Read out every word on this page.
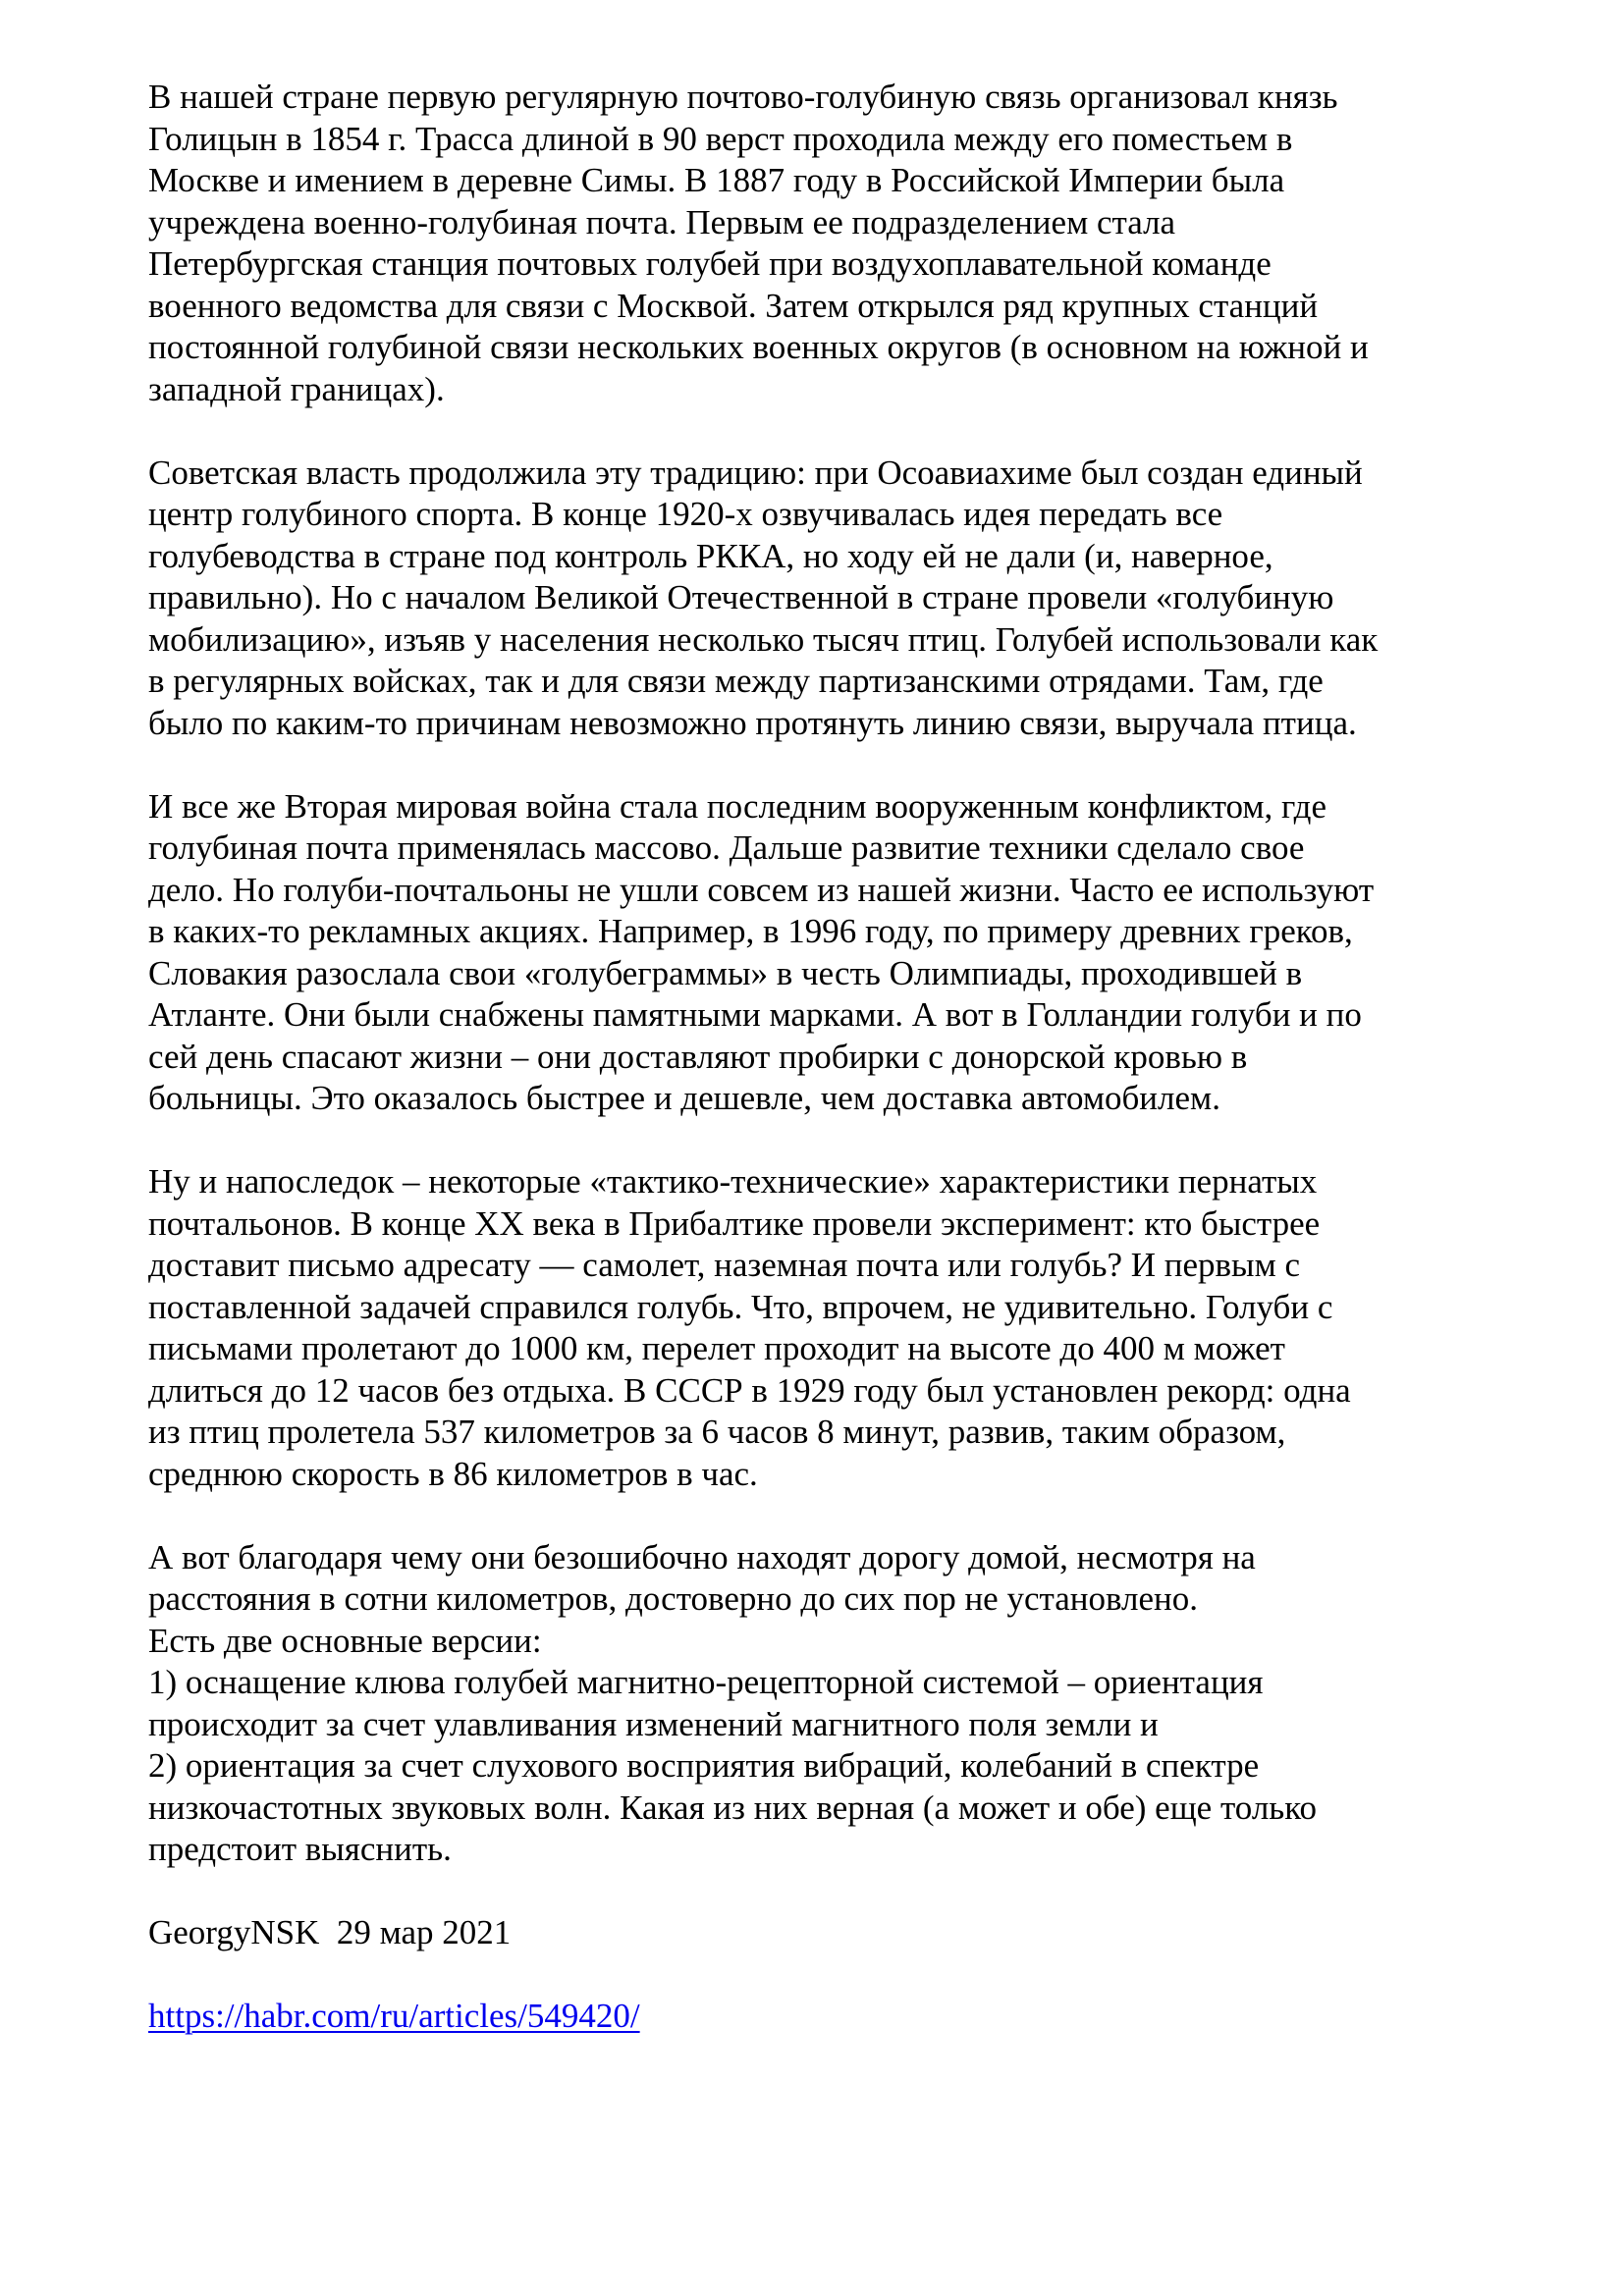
В нашей стране первую регулярную почтово-голубиную связь организовал князь
Голицын в 1854 г. Трасса длиной в 90 верст проходила между его поместьем в
Москве и имением в деревне Симы. В 1887 году в Российской Империи была
учреждена военно-голубиная почта. Первым ее подразделением стала
Петербургская станция почтовых голубей при воздухоплавательной команде
военного ведомства для связи с Москвой. Затем открылся ряд крупных станций
постоянной голубиной связи нескольких военных округов (в основном на южной и
западной границах).
Советская власть продолжила эту традицию: при Осоавиахиме был создан единый
центр голубиного спорта. В конце 1920-х озвучивалась идея передать все
голубеводства в стране под контроль РККА, но ходу ей не дали (и, наверное,
правильно). Но с началом Великой Отечественной в стране провели «голубиную
мобилизацию», изъяв у населения несколько тысяч птиц. Голубей использовали как
в регулярных войсках, так и для связи между партизанскими отрядами. Там, где
было по каким-то причинам невозможно протянуть линию связи, выручала птица.
И все же Вторая мировая война стала последним вооруженным конфликтом, где
голубиная почта применялась массово. Дальше развитие техники сделало свое
дело. Но голуби-почтальоны не ушли совсем из нашей жизни. Часто ее используют
в каких-то рекламных акциях. Например, в 1996 году, по примеру древних греков,
Словакия разослала свои «голубеграммы» в честь Олимпиады, проходившей в
Атланте. Они были снабжены памятными марками. А вот в Голландии голуби и по
сей день спасают жизни – они доставляют пробирки с донорской кровью в
больницы. Это оказалось быстрее и дешевле, чем доставка автомобилем.
Ну и напоследок – некоторые «тактико-технические» характеристики пернатых
почтальонов. В конце XX века в Прибалтике провели эксперимент: кто быстрее
доставит письмо адресату — самолет, наземная почта или голубь? И первым с
поставленной задачей справился голубь. Что, впрочем, не удивительно. Голуби с
письмами пролетают до 1000 км, перелет проходит на высоте до 400 м может
длиться до 12 часов без отдыха. В СССР в 1929 году был установлен рекорд: одна
из птиц пролетела 537 километров за 6 часов 8 минут, развив, таким образом,
среднюю скорость в 86 километров в час.
А вот благодаря чему они безошибочно находят дорогу домой, несмотря на
расстояния в сотни километров, достоверно до сих пор не установлено.
Есть две основные версии:
1) оснащение клюва голубей магнитно-рецепторной системой – ориентация
происходит за счет улавливания изменений магнитного поля земли и
2) ориентация за счет слухового восприятия вибраций, колебаний в спектре
низкочастотных звуковых волн. Какая из них верная (а может и обе) еще только
предстоит выяснить.
GeorgyNSK  29 мар 2021
https://habr.com/ru/articles/549420/
